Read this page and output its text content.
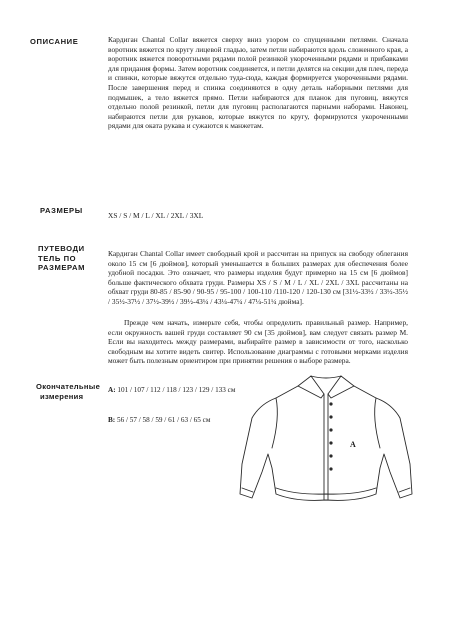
ОПИСАНИЕ	Кардиган Chantal Collar вяжется сверху вниз узором со спущенными петлями. Сначала воротник вяжется по кругу лицевой гладью, затем петли набираются вдоль сложенного края, а воротник вяжется поворотными рядами полой резинкой укороченными рядами и прибавками для придания формы. Затем воротник соединяется, и петли делятся на секции для плеч, переда и спинки, которые вяжутся отдельно туда-сюда, каждая формируется укороченными рядами. После завершения перед и спинка соединяются в одну деталь наборными петлями для подмышек, а тело вяжется прямо. Петли набираются для планок для пуговиц, вяжутся отдельно полой резинкой, петли для пуговиц располагаются парными наборами. Наконец, набираются петли для рукавов, которые вяжутся по кругу, формируются укороченными рядами для оката рукава и сужаются к манжетам.
РАЗМЕРЫ
XS / S / M / L / XL / 2XL / 3XL
ПУТЕВОДИ
ТЕЛЬ ПО
РАЗМЕРАМ
Кардиган Chantal Collar имеет свободный крой и рассчитан на припуск на свободу облегания около 15 см [6 дюймов], который уменьшается в больших размерах для обеспечения более удобной посадки. Это означает, что размеры изделия будут примерно на 15 см [6 дюймов] больше фактического обхвата груди. Размеры XS / S / M / L / XL / 2XL / 3XL рассчитаны на обхват груди 80-85 / 85-90 / 90-95 / 95-100 / 100-110 /110-120 / 120-130 см [31½-33½ / 33½-35½ / 35½-37½ / 37½-39½ / 39½-43¼ / 43¼-47¼ / 47¼-51¼ дюйма].
Прежде чем начать, измерьте себя, чтобы определить правильный размер. Например, если окружность вашей груди составляет 90 см [35 дюймов], вам следует связать размер М. Если вы находитесь между размерами, выбирайте размер в зависимости от того, насколько свободным вы хотите видеть свитер. Использование диаграммы с готовыми мерками изделия может быть полезным ориентиром при принятии решения о выборе размера.
Окончательные
измерения
A: 101 / 107 / 112 / 118 / 123 / 129 / 133 см
B: 56 / 57 / 58 / 59 / 61 / 63 / 65 см
A
